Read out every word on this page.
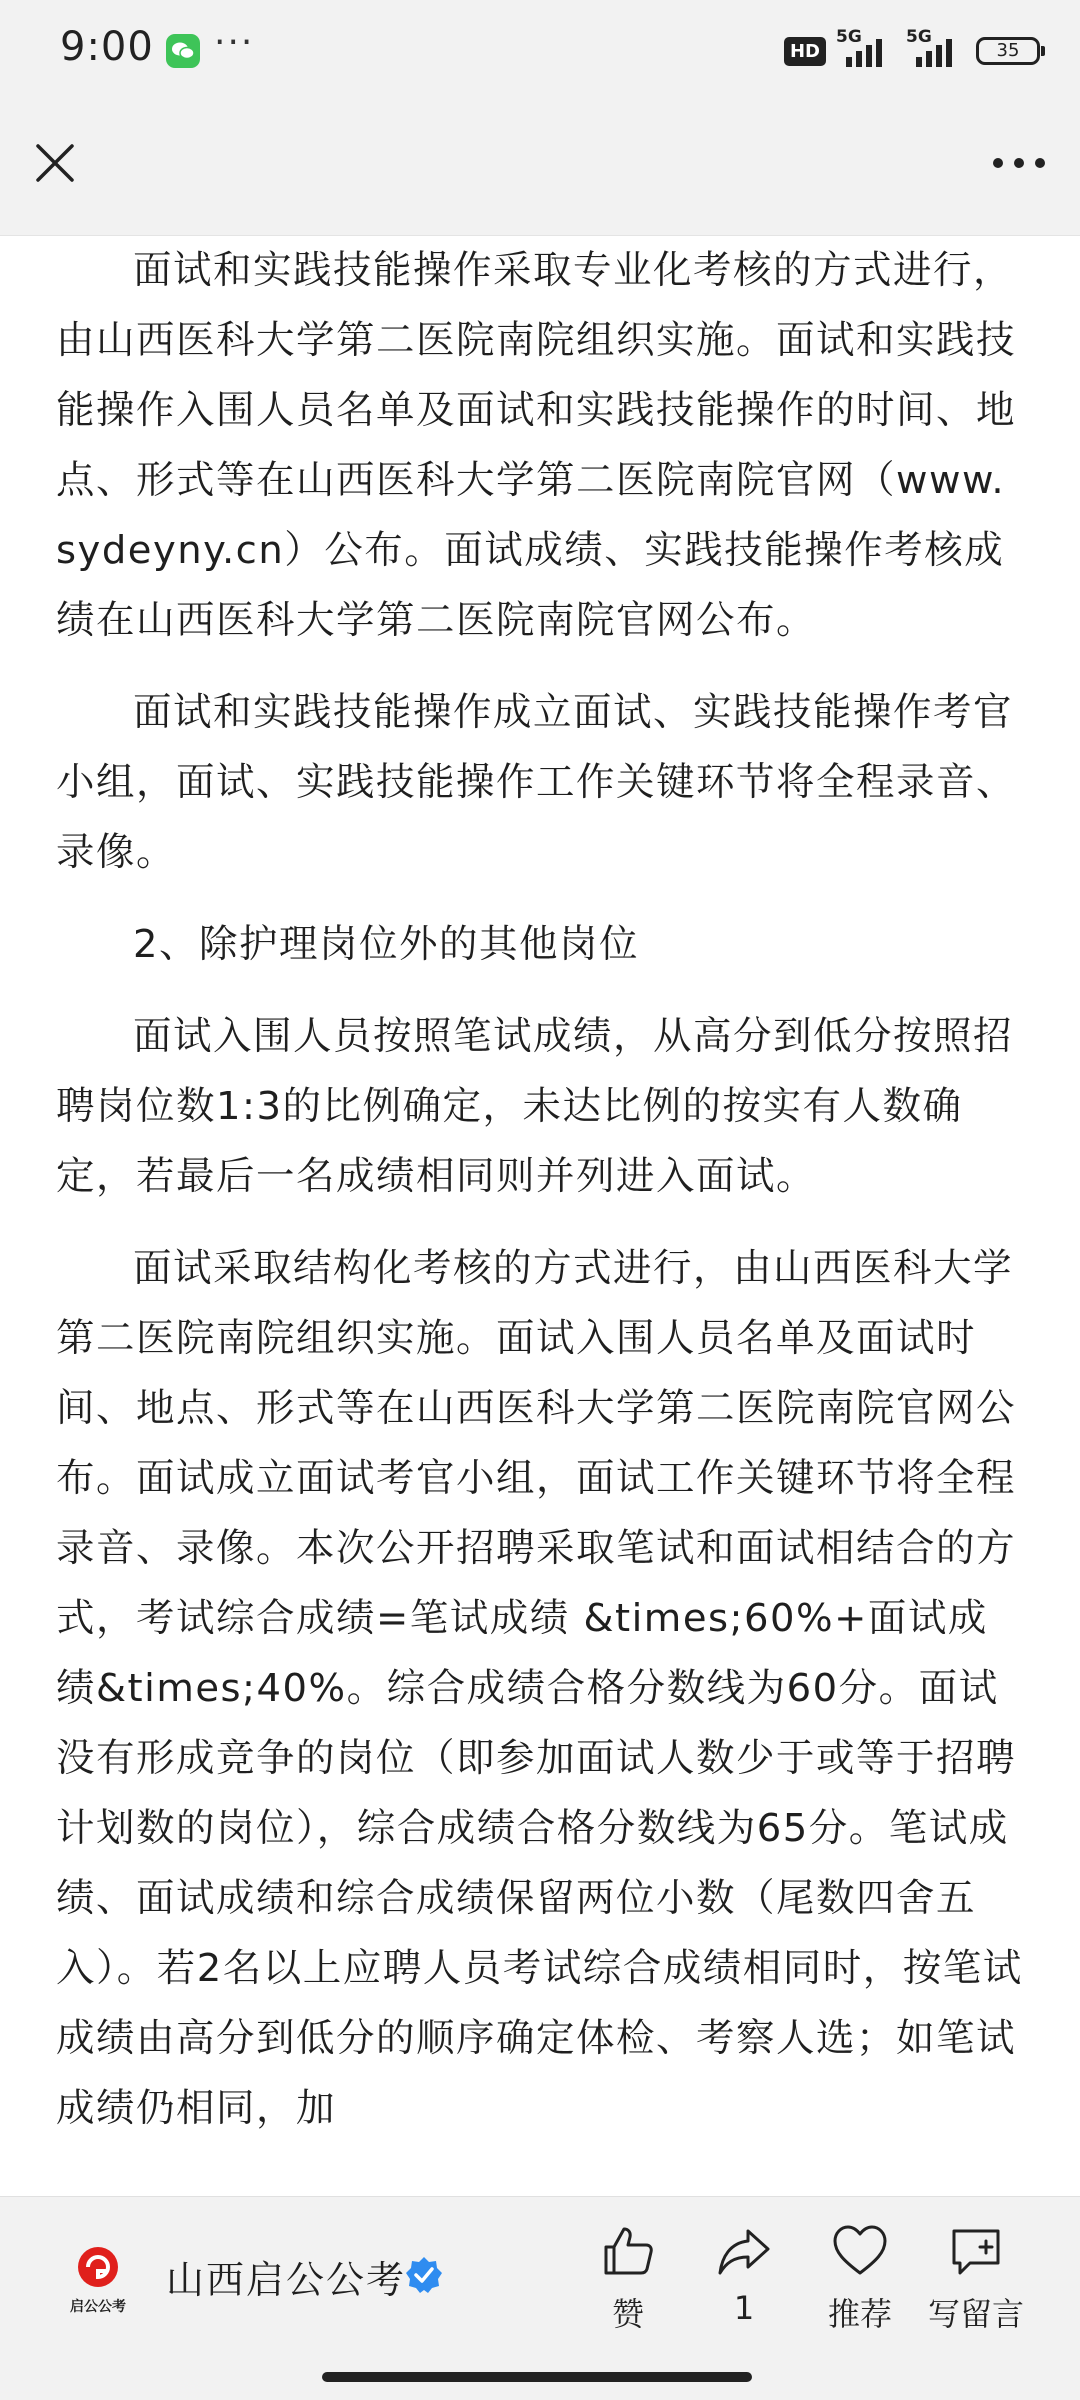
9:00 ···	HD
5G	5G
35

面试和实践技能操作采取专业化考核的方式进行，由山西医科大学第二医院南院组织实施。面试和实践技能操作入围人员名单及面试和实践技能操作的时间、地点、形式等在山西医科大学第二医院南院官网（www.sydeyny.cn）公布。面试成绩、实践技能操作考核成绩在山西医科大学第二医院南院官网公布。

面试和实践技能操作成立面试、实践技能操作考官小组，面试、实践技能操作工作关键环节将全程录音、录像。

2、除护理岗位外的其他岗位

面试入围人员按照笔试成绩，从高分到低分按照招聘岗位数1:3的比例确定，未达比例的按实有人数确定，若最后一名成绩相同则并列进入面试。

面试采取结构化考核的方式进行，由山西医科大学第二医院南院组织实施。面试入围人员名单及面试时间、地点、形式等在山西医科大学第二医院南院官网公布。面试成立面试考官小组，面试工作关键环节将全程录音、录像。本次公开招聘采取笔试和面试相结合的方式，考试综合成绩=笔试成绩 &times;60%+面试成绩&times;40%。综合成绩合格分数线为60分。面试没有形成竞争的岗位（即参加面试人数少于或等于招聘计划数的岗位），综合成绩合格分数线为65分。笔试成绩、面试成绩和综合成绩保留两位小数（尾数四舍五入）。若2名以上应聘人员考试综合成绩相同时，按笔试成绩由高分到低分的顺序确定体检、考察人选；如笔试成绩仍相同，加

启公公考
山西启公公考
赞	1	推荐	写留言
